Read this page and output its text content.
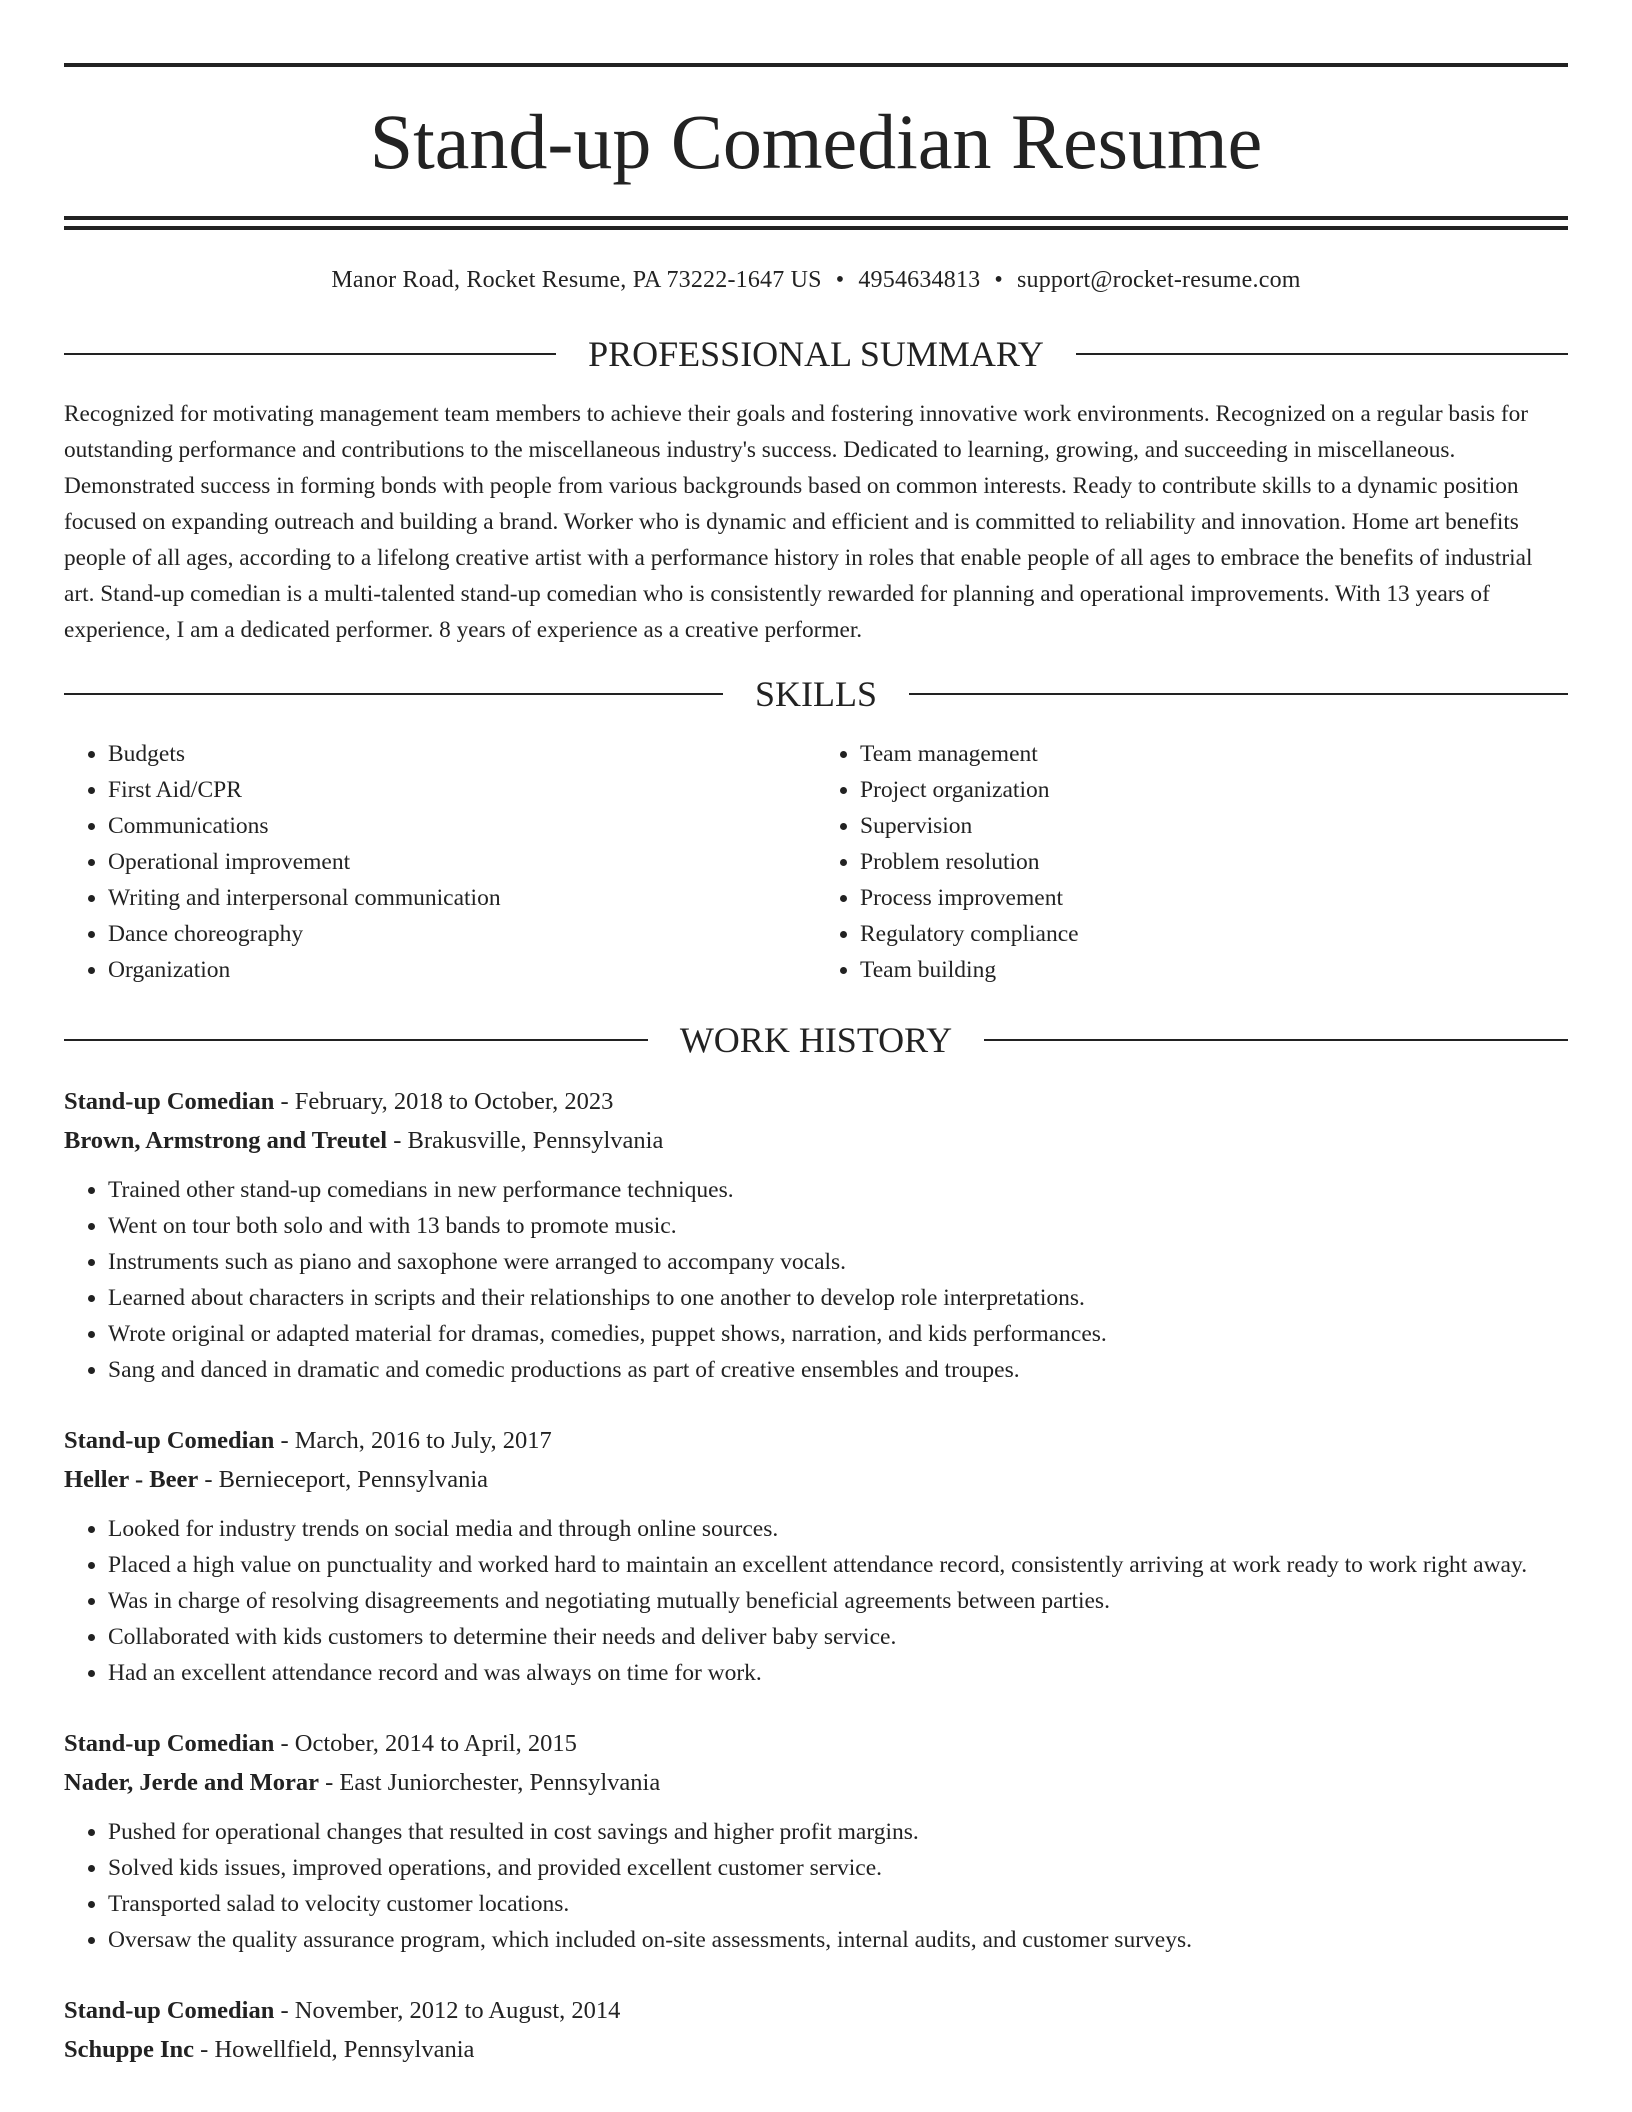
Stand-up Comedian Resume
Manor Road, Rocket Resume, PA 73222-1647 US • 4954634813 • support@rocket-resume.com
PROFESSIONAL SUMMARY

Recognized for motivating management team members to achieve their goals and fostering innovative work environments. Recognized on a regular basis for outstanding performance and contributions to the miscellaneous industry's success. Dedicated to learning, growing, and succeeding in miscellaneous. Demonstrated success in forming bonds with people from various backgrounds based on common interests. Ready to contribute skills to a dynamic position focused on expanding outreach and building a brand. Worker who is dynamic and efficient and is committed to reliability and innovation. Home art benefits people of all ages, according to a lifelong creative artist with a performance history in roles that enable people of all ages to embrace the benefits of industrial art. Stand-up comedian is a multi-talented stand-up comedian who is consistently rewarded for planning and operational improvements. With 13 years of experience, I am a dedicated performer. 8 years of experience as a creative performer.

SKILLS
• Budgets
• First Aid/CPR
• Communications
• Operational improvement
• Writing and interpersonal communication
• Dance choreography
• Organization
• Team management
• Project organization
• Supervision
• Problem resolution
• Process improvement
• Regulatory compliance
• Team building
WORK HISTORY
Stand-up Comedian - February, 2018 to October, 2023
Brown, Armstrong and Treutel - Brakusville, Pennsylvania
• Trained other stand-up comedians in new performance techniques.
• Went on tour both solo and with 13 bands to promote music.
• Instruments such as piano and saxophone were arranged to accompany vocals.
• Learned about characters in scripts and their relationships to one another to develop role interpretations.
• Wrote original or adapted material for dramas, comedies, puppet shows, narration, and kids performances.
• Sang and danced in dramatic and comedic productions as part of creative ensembles and troupes.
Stand-up Comedian - March, 2016 to July, 2017
Heller - Beer - Bernieceport, Pennsylvania
• Looked for industry trends on social media and through online sources.
• Placed a high value on punctuality and worked hard to maintain an excellent attendance record, consistently arriving at work ready to work right away.
• Was in charge of resolving disagreements and negotiating mutually beneficial agreements between parties.
• Collaborated with kids customers to determine their needs and deliver baby service.
• Had an excellent attendance record and was always on time for work.
Stand-up Comedian - October, 2014 to April, 2015
Nader, Jerde and Morar - East Juniorchester, Pennsylvania
• Pushed for operational changes that resulted in cost savings and higher profit margins.
• Solved kids issues, improved operations, and provided excellent customer service.
• Transported salad to velocity customer locations.
• Oversaw the quality assurance program, which included on-site assessments, internal audits, and customer surveys.
Stand-up Comedian - November, 2012 to August, 2014
Schuppe Inc - Howellfield, Pennsylvania
